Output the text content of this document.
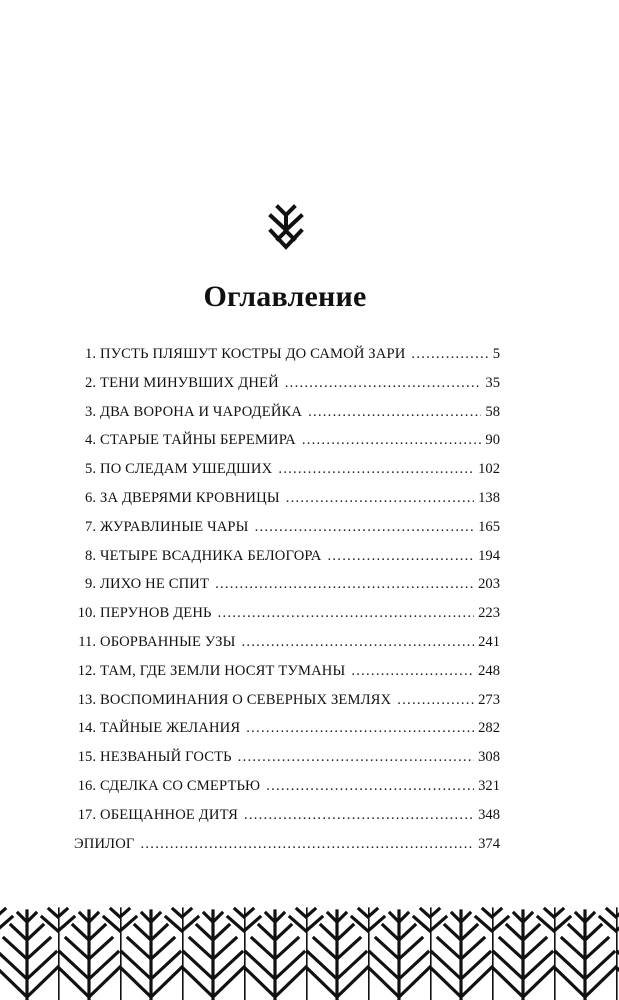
Оглавление
1. ПУСТЬ ПЛЯШУТ КОСТРЫ ДО САМОЙ ЗАРИ . . .	5
2. ТЕНИ МИНУВШИХ ДНЕЙ . . .	35
3. ДВА ВОРОНА И ЧАРОДЕЙКА . . .	58
4. СТАРЫЕ ТАЙНЫ БЕРЕМИРА . . .	90
5. ПО СЛЕДАМ УШЕДШИХ . . .	102
6. ЗА ДВЕРЯМИ КРОВНИЦЫ . . .	138
7. ЖУРАВЛИНЫЕ ЧАРЫ . . .	165
8. ЧЕТЫРЕ ВСАДНИКА БЕЛОГОРА . . .	194
9. ЛИХО НЕ СПИТ . . .	203
10. ПЕРУНОВ ДЕНЬ . . .	223
11. ОБОРВАННЫЕ УЗЫ . . .	241
12. ТАМ, ГДЕ ЗЕМЛИ НОСЯТ ТУМАНЫ . . .	248
13. ВОСПОМИНАНИЯ О СЕВЕРНЫХ ЗЕМЛЯХ . . .	273
14. ТАЙНЫЕ ЖЕЛАНИЯ . . .	282
15. НЕЗВАНЫЙ ГОСТЬ . . .	308
16. СДЕЛКА СО СМЕРТЬЮ . . .	321
17. ОБЕЩАННОЕ ДИТЯ . . .	348
ЭПИЛОГ . . .	374
